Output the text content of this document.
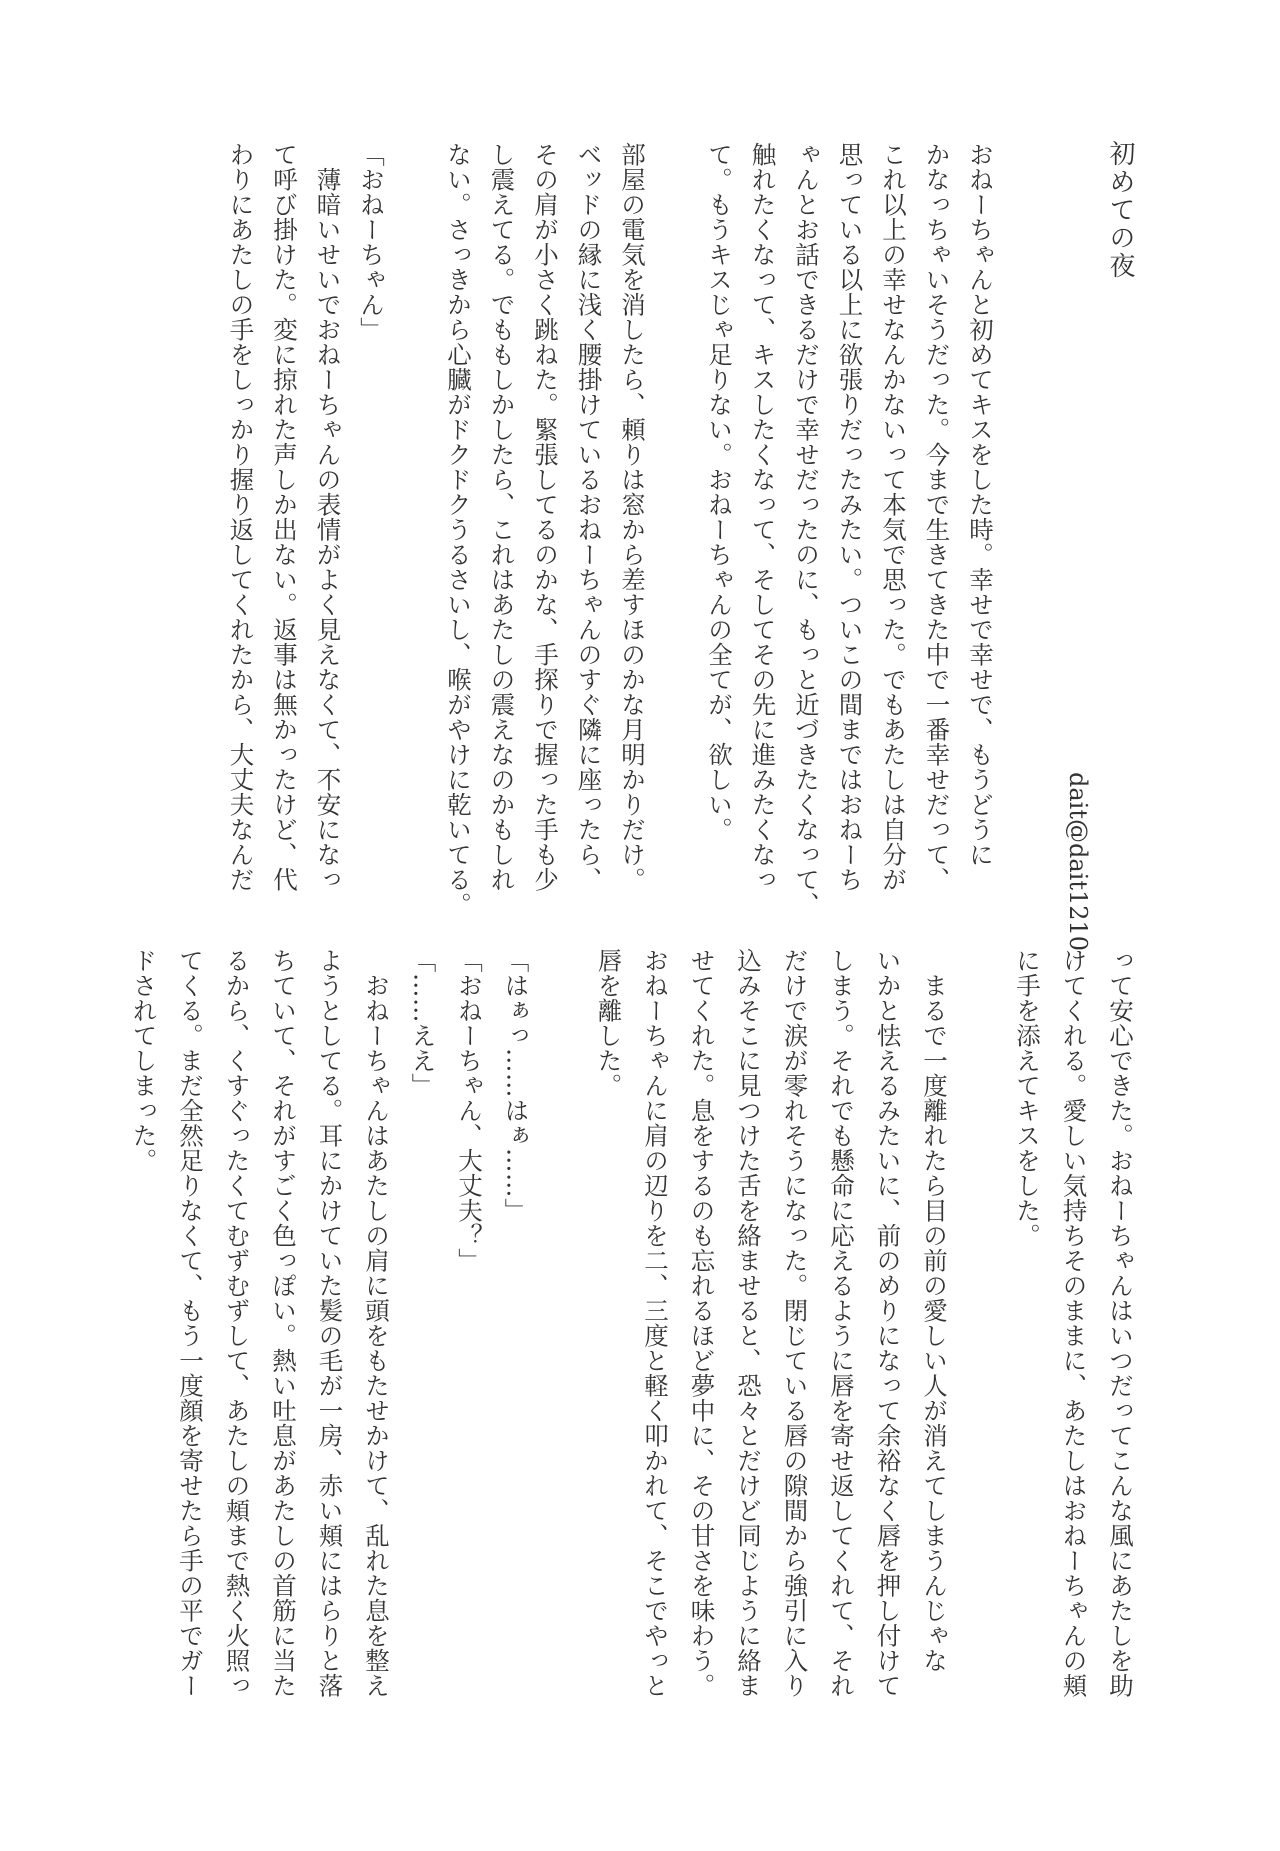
初めての夜
dait@dait1210
おねーちゃんと初めてキスをした時。幸せで幸せで、もうどうに
かなっちゃいそうだった。今まで生きてきた中で一番幸せだって、
これ以上の幸せなんかないって本気で思った。でもあたしは自分が
思っている以上に欲張りだったみたい。ついこの間まではおねーち
ゃんとお話できるだけで幸せだったのに、もっと近づきたくなって、
触れたくなって、キスしたくなって、そしてその先に進みたくなっ
て。もうキスじゃ足りない。おねーちゃんの全てが、欲しい。
部屋の電気を消したら、頼りは窓から差すほのかな月明かりだけ。
ベッドの縁に浅く腰掛けているおねーちゃんのすぐ隣に座ったら、
その肩が小さく跳ねた。緊張してるのかな、手探りで握った手も少
し震えてる。でももしかしたら、これはあたしの震えなのかもしれ
ない。さっきから心臓がドクドクうるさいし、喉がやけに乾いてる。
「おねーちゃん」
　薄暗いせいでおねーちゃんの表情がよく見えなくて、不安になっ
て呼び掛けた。変に掠れた声しか出ない。返事は無かったけど、代
わりにあたしの手をしっかり握り返してくれたから、大丈夫なんだ
って安心できた。おねーちゃんはいつだってこんな風にあたしを助
けてくれる。愛しい気持ちそのままに、あたしはおねーちゃんの頬
に手を添えてキスをした。
　まるで一度離れたら目の前の愛しい人が消えてしまうんじゃな
いかと怯えるみたいに、前のめりになって余裕なく唇を押し付けて
しまう。それでも懸命に応えるように唇を寄せ返してくれて、それ
だけで涙が零れそうになった。閉じている唇の隙間から強引に入り
込みそこに見つけた舌を絡ませると、恐々とだけど同じように絡ま
せてくれた。息をするのも忘れるほど夢中に、その甘さを味わう。
おねーちゃんに肩の辺りを二、三度と軽く叩かれて、そこでやっと
唇を離した。
「はぁっ……はぁ……」
「おねーちゃん、大丈夫？」
「……ええ」
　おねーちゃんはあたしの肩に頭をもたせかけて、乱れた息を整え
ようとしてる。耳にかけていた髪の毛が一房、赤い頬にはらりと落
ちていて、それがすごく色っぽい。熱い吐息があたしの首筋に当た
るから、くすぐったくてむずむずして、あたしの頬まで熱く火照っ
てくる。まだ全然足りなくて、もう一度顔を寄せたら手の平でガー
ドされてしまった。
